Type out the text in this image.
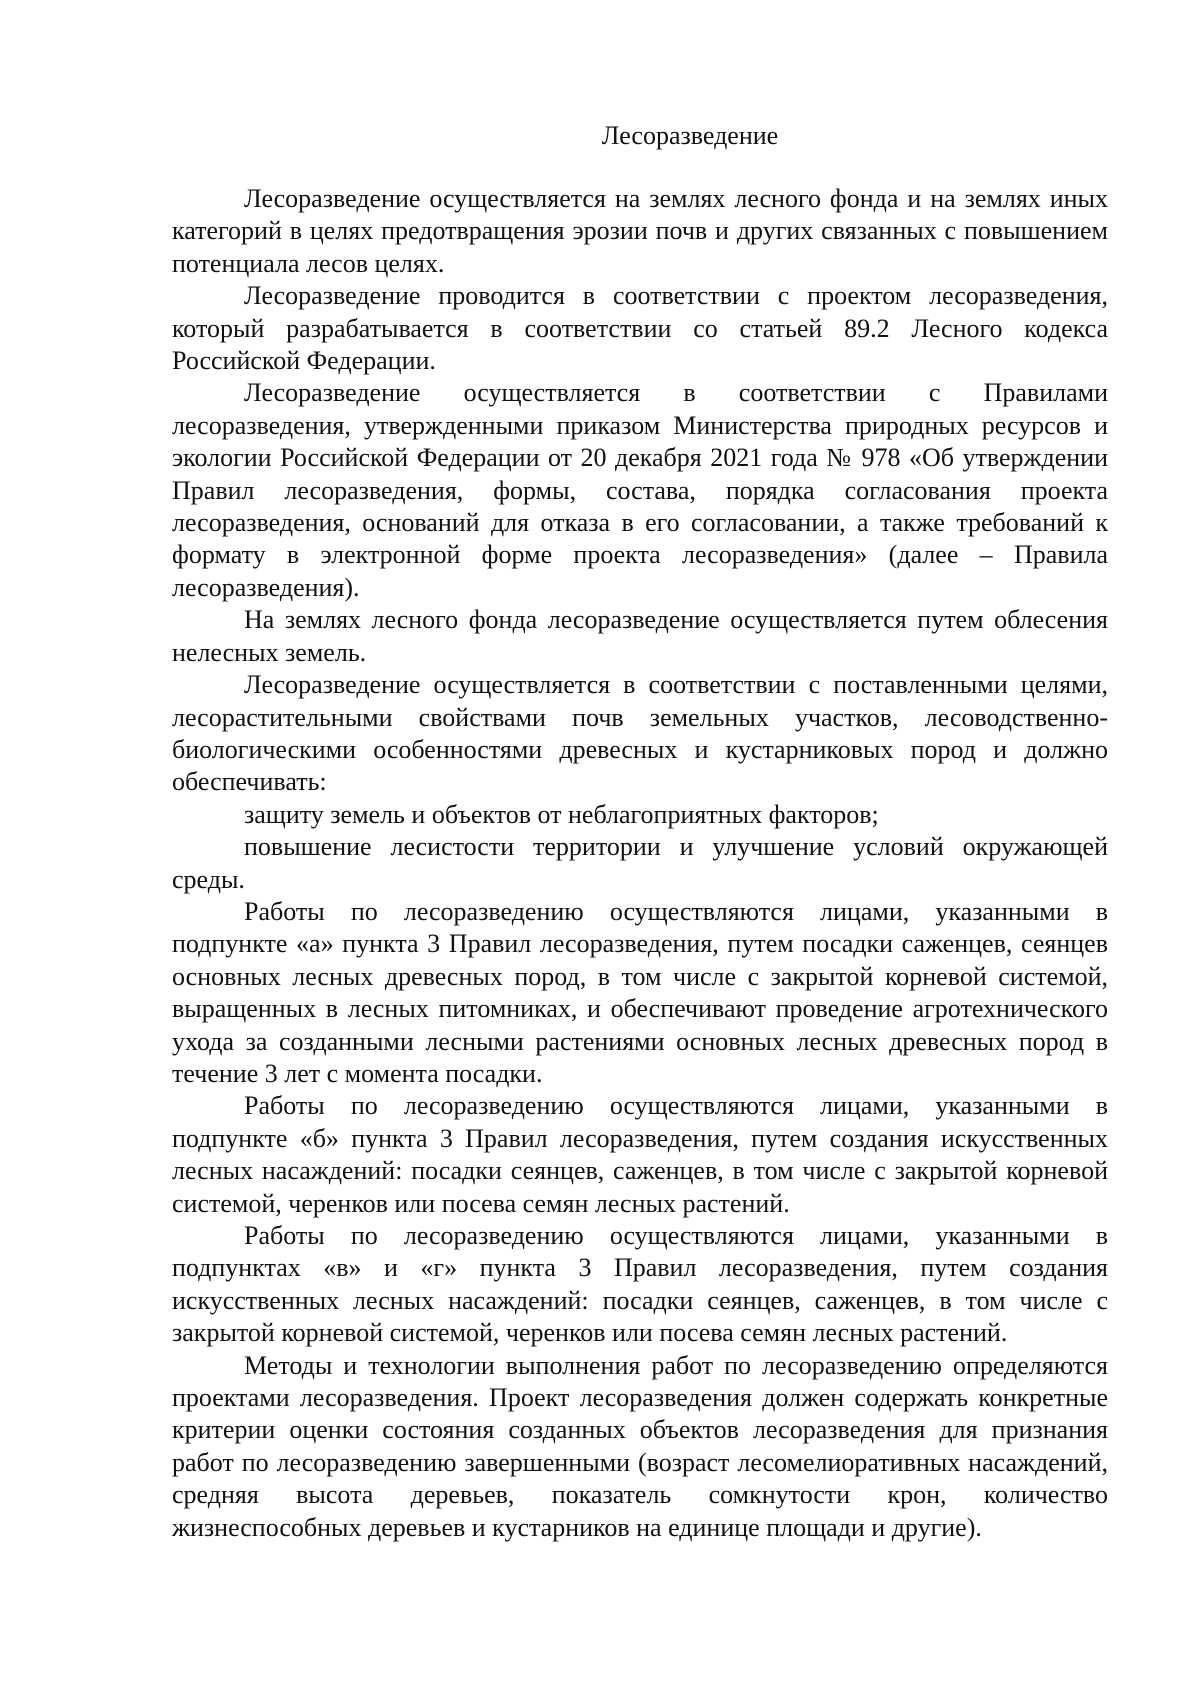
Лесоразведение

Лесоразведение осуществляется на землях лесного фонда и на землях иных категорий в целях предотвращения эрозии почв и других связанных с повышением потенциала лесов целях.

Лесоразведение проводится в соответствии с проектом лесоразведения, который разрабатывается в соответствии со статьей 89.2 Лесного кодекса Российской Федерации.

Лесоразведение осуществляется в соответствии с Правилами лесоразведения, утвержденными приказом Министерства природных ресурсов и экологии Российской Федерации от 20 декабря 2021 года № 978 «Об утверждении Правил лесоразведения, формы, состава, порядка согласования проекта лесоразведения, оснований для отказа в его согласовании, а также требований к формату в электронной форме проекта лесоразведения» (далее – Правила лесоразведения).

На землях лесного фонда лесоразведение осуществляется путем облесения нелесных земель.

Лесоразведение осуществляется в соответствии с поставленными целями, лесорастительными свойствами почв земельных участков, лесоводственно-биологическими особенностями древесных и кустарниковых пород и должно обеспечивать:

защиту земель и объектов от неблагоприятных факторов;

повышение лесистости территории и улучшение условий окружающей среды.

Работы по лесоразведению осуществляются лицами, указанными в подпункте «а» пункта 3 Правил лесоразведения, путем посадки саженцев, сеянцев основных лесных древесных пород, в том числе с закрытой корневой системой, выращенных в лесных питомниках, и обеспечивают проведение агротехнического ухода за созданными лесными растениями основных лесных древесных пород в течение 3 лет с момента посадки.

Работы по лесоразведению осуществляются лицами, указанными в подпункте «б» пункта 3 Правил лесоразведения, путем создания искусственных лесных насаждений: посадки сеянцев, саженцев, в том числе с закрытой корневой системой, черенков или посева семян лесных растений.

Работы по лесоразведению осуществляются лицами, указанными в подпунктах «в» и «г» пункта 3 Правил лесоразведения, путем создания искусственных лесных насаждений: посадки сеянцев, саженцев, в том числе с закрытой корневой системой, черенков или посева семян лесных растений.

Методы и технологии выполнения работ по лесоразведению определяются проектами лесоразведения. Проект лесоразведения должен содержать конкретные критерии оценки состояния созданных объектов лесоразведения для признания работ по лесоразведению завершенными (возраст лесомелиоративных насаждений, средняя высота деревьев, показатель сомкнутости крон, количество жизнеспособных деревьев и кустарников на единице площади и другие).
